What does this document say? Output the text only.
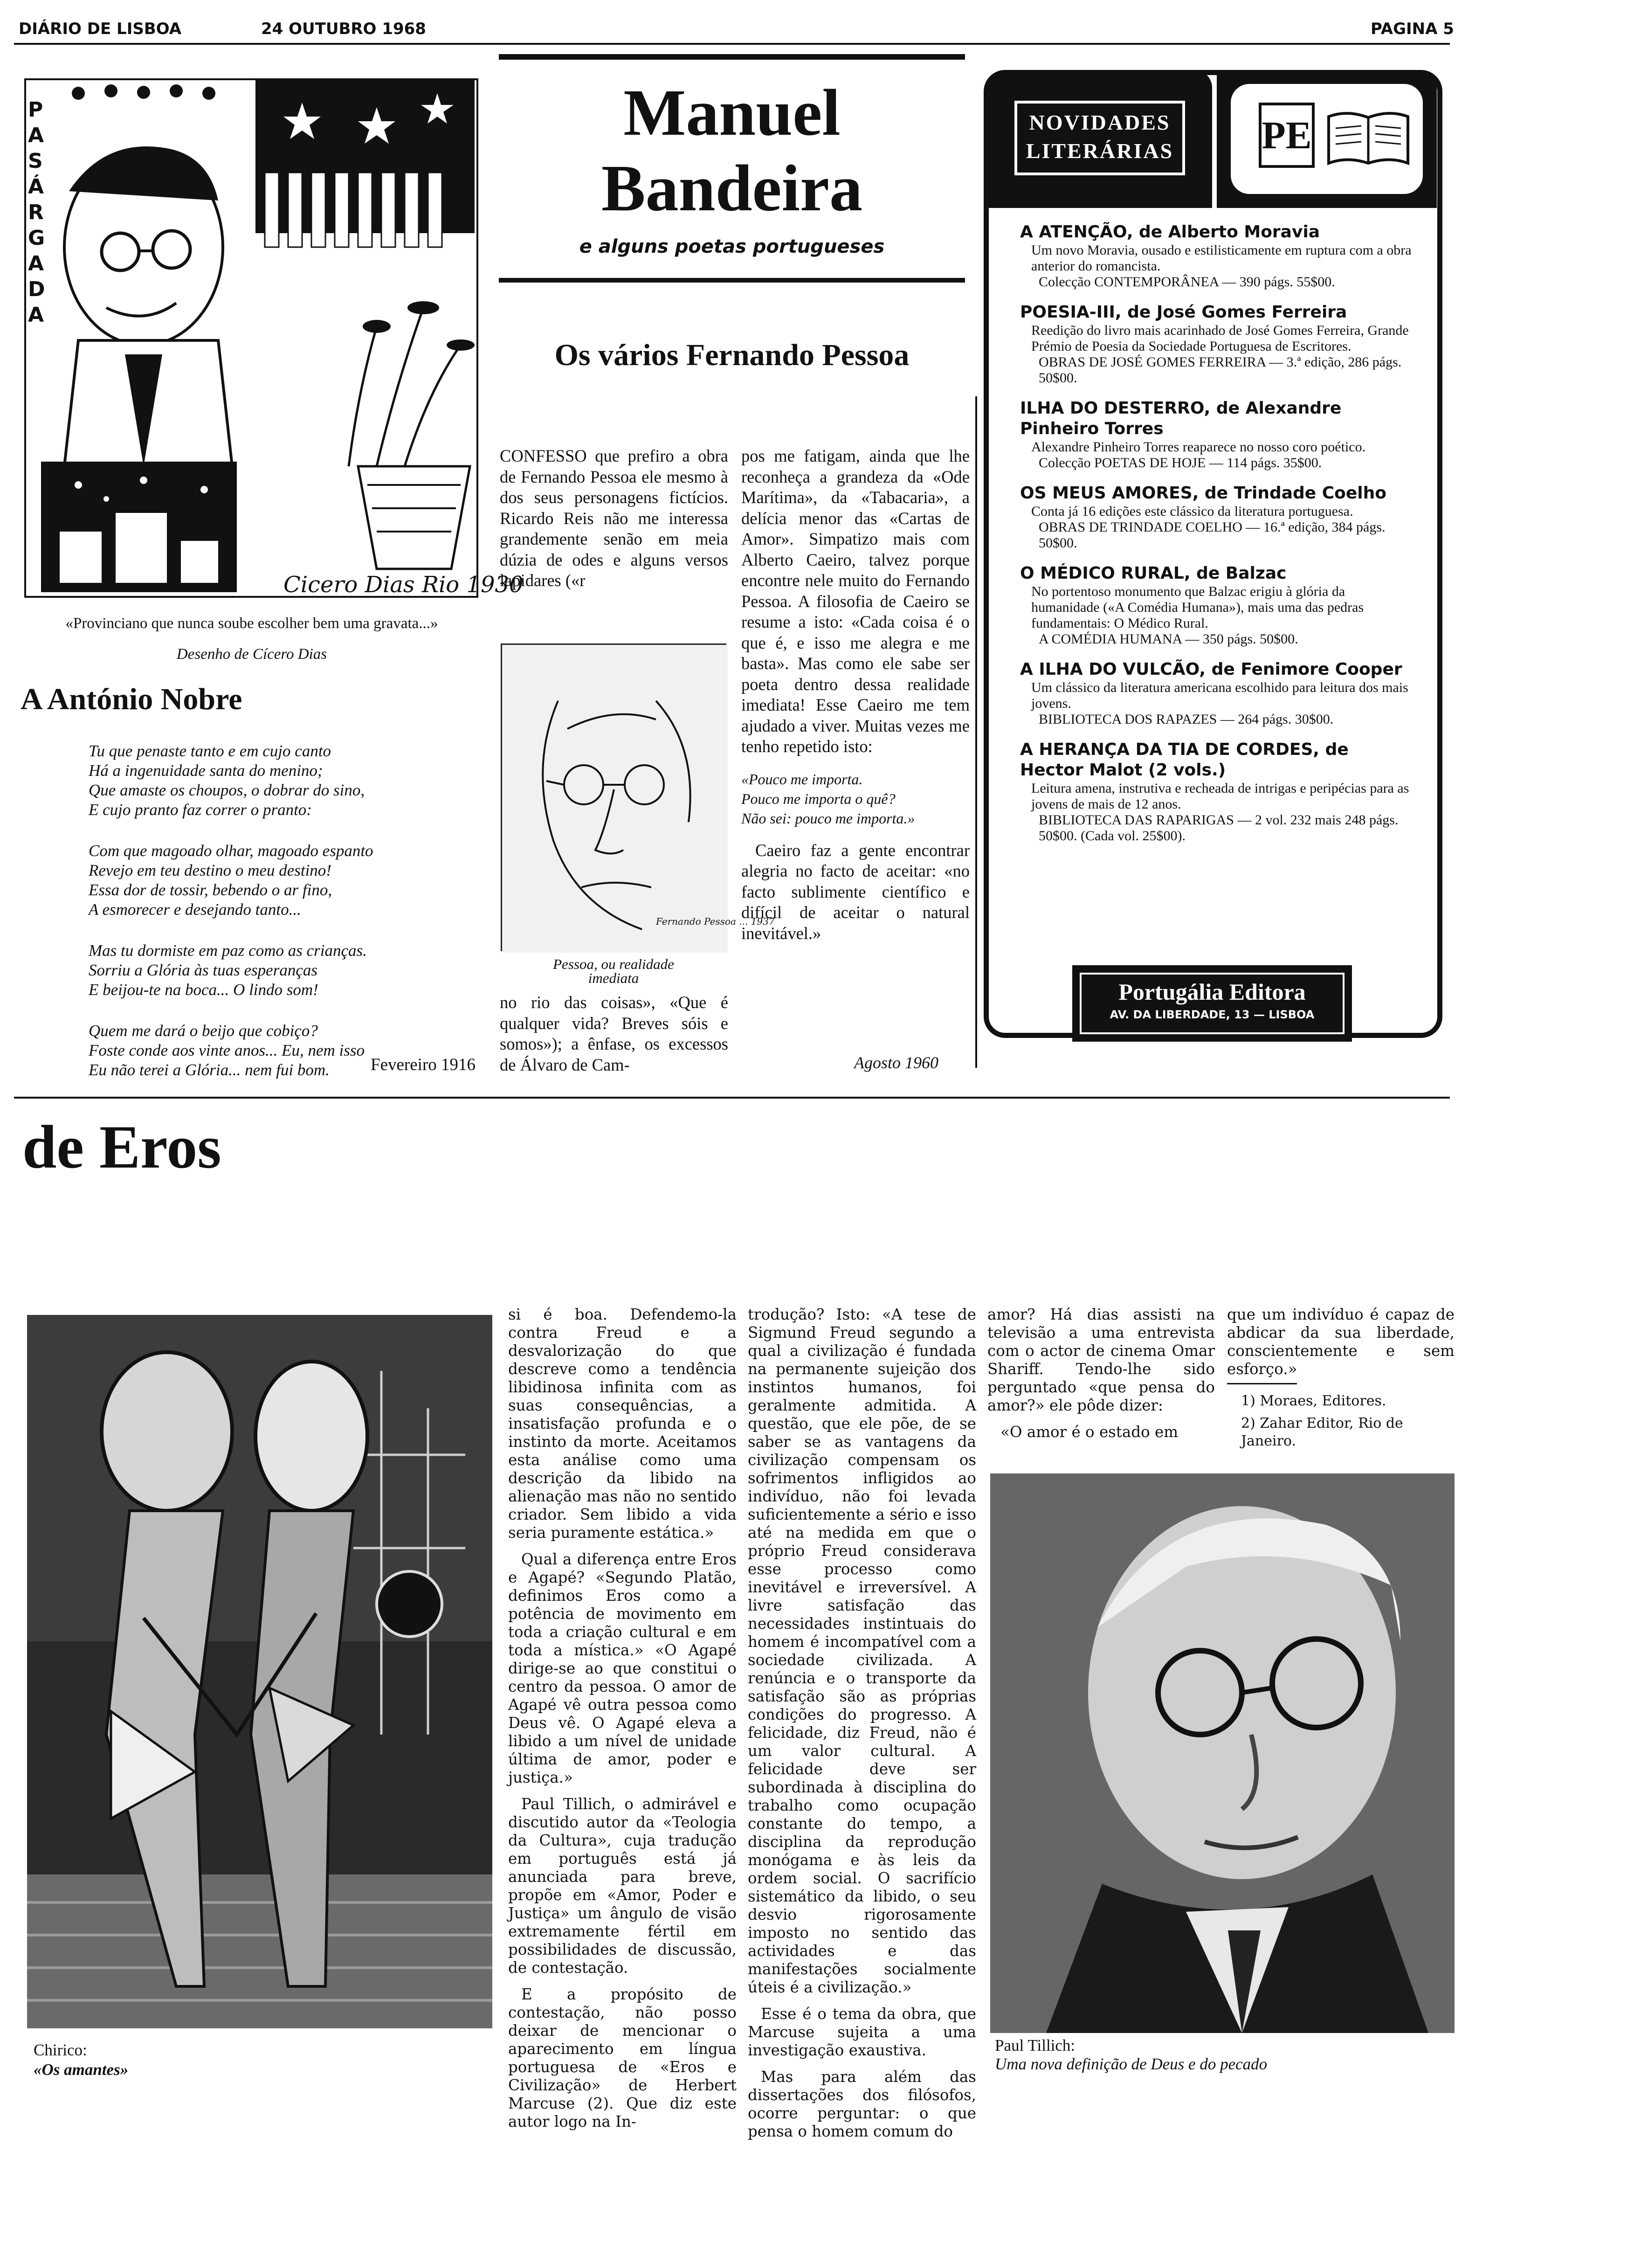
DIÁRIO DE LISBOA	24 OUTUBRO 1968	PAGINA 5
P
A
S
Á
R
G
A
D
A
Cicero Dias Rio 1930
«Provinciano que nunca soube escolher bem uma gravata...»
Desenho de Cícero Dias
A António Nobre
Tu que penaste tanto e em cujo canto
Há a ingenuidade santa do menino;
Que amaste os choupos, o dobrar do sino,
E cujo pranto faz correr o pranto:
Com que magoado olhar, magoado espanto
Revejo em teu destino o meu destino!
Essa dor de tossir, bebendo o ar fino,
A esmorecer e desejando tanto...
Mas tu dormiste em paz como as crianças.
Sorriu a Glória às tuas esperanças
E beijou-te na boca... O lindo som!
Quem me dará o beijo que cobiço?
Foste conde aos vinte anos... Eu, nem isso
Eu não terei a Glória... nem fui bom.	Fevereiro 1916
Manuel
Bandeira
e alguns poetas portugueses
Os vários Fernando Pessoa
CONFESSO que prefiro a obra de Fernando Pessoa ele mesmo à dos seus personagens fictícios. Ricardo Reis não me interessa grandemente senão em meia dúzia de odes e alguns versos lapidares («r
Fernando Pessoa ... 1937
Pessoa, ou realidade
imediata
no rio das coisas», «Que é qualquer vida? Breves sóis e somos»); a ênfase, os excessos de Álvaro de Cam-

pos me fatigam, ainda que lhe reconheça a grandeza da «Ode Marítima», da «Tabacaria», a delícia menor das «Cartas de Amor». Simpatizo mais com Alberto Caeiro, talvez porque encontre nele muito do Fernando Pessoa. A filosofia de Caeiro se resume a isto: «Cada coisa é o que é, e isso me alegra e me basta». Mas como ele sabe ser poeta dentro dessa realidade imediata! Esse Caeiro me tem ajudado a viver. Muitas vezes me tenho repetido isto:

«Pouco me importa.
Pouco me importa o quê?
Não sei: pouco me importa.»

Caeiro faz a gente encontrar alegria no facto de aceitar: «no facto sublimente científico e difícil de aceitar o natural inevitável.»

Agosto 1960
NOVIDADES
LITERÁRIAS PE
A ATENÇÃO, de Alberto Moravia
Um novo Moravia, ousado e estilisticamente em ruptura com a obra anterior do romancista.
Colecção CONTEMPORÂNEA — 390 págs. 55$00.
POESIA-III, de José Gomes Ferreira
Reedição do livro mais acarinhado de José Gomes Ferreira, Grande Prémio de Poesia da Sociedade Portuguesa de Escritores.
OBRAS DE JOSÉ GOMES FERREIRA — 3.ª edição, 286 págs. 50$00.
ILHA DO DESTERRO, de Alexandre Pinheiro Torres
Alexandre Pinheiro Torres reaparece no nosso coro poético.
Colecção POETAS DE HOJE — 114 págs. 35$00.
OS MEUS AMORES, de Trindade Coelho
Conta já 16 edições este clássico da literatura portuguesa.
OBRAS DE TRINDADE COELHO — 16.ª edição, 384 págs. 50$00.
O MÉDICO RURAL, de Balzac
No portentoso monumento que Balzac erigiu à glória da humanidade («A Comédia Humana»), mais uma das pedras fundamentais: O Médico Rural.
A COMÉDIA HUMANA — 350 págs. 50$00.
A ILHA DO VULCÃO, de Fenimore Cooper
Um clássico da literatura americana escolhido para leitura dos mais jovens.
BIBLIOTECA DOS RAPAZES — 264 págs. 30$00.
A HERANÇA DA TIA DE CORDES, de Hector Malot (2 vols.)
Leitura amena, instrutiva e recheada de intrigas e peripécias para as jovens de mais de 12 anos.
BIBLIOTECA DAS RAPARIGAS — 2 vol. 232 mais 248 págs. 50$00. (Cada vol. 25$00).
Portugália Editora
AV. DA LIBERDADE, 13 — LISBOA
de Eros
Chirico:
«Os amantes»

si é boa. Defendemo-la contra Freud e a desvalorização do que descreve como a tendência libidinosa infinita com as suas consequências, a insatisfação profunda e o instinto da morte. Aceitamos esta análise como uma descrição da libido na alienação mas não no sentido criador. Sem libido a vida seria puramente estática.»

Qual a diferença entre Eros e Agapé? «Segundo Platão, definimos Eros como a potência de movimento em toda a criação cultural e em toda a mística.» «O Agapé dirige-se ao que constitui o centro da pessoa. O amor de Agapé vê outra pessoa como Deus vê. O Agapé eleva a libido a um nível de unidade última de amor, poder e justiça.»

Paul Tillich, o admirável e discutido autor da «Teologia da Cultura», cuja tradução em português está já anunciada para breve, propõe em «Amor, Poder e Justiça» um ângulo de visão extremamente fértil em possibilidades de discussão, de contestação.

E a propósito de contestação, não posso deixar de mencionar o aparecimento em língua portuguesa de «Eros e Civilização» de Herbert Marcuse (2). Que diz este autor logo na In-

trodução? Isto: «A tese de Sigmund Freud segundo a qual a civilização é fundada na permanente sujeição dos instintos humanos, foi geralmente admitida. A questão, que ele põe, de se saber se as vantagens da civilização compensam os sofrimentos infligidos ao indivíduo, não foi levada suficientemente a sério e isso até na medida em que o próprio Freud considerava esse processo como inevitável e irreversível. A livre satisfação das necessidades instintuais do homem é incompatível com a sociedade civilizada. A renúncia e o transporte da satisfação são as próprias condições do progresso. A felicidade, diz Freud, não é um valor cultural. A felicidade deve ser subordinada à disciplina do trabalho como ocupação constante do tempo, a disciplina da reprodução monógama e às leis da ordem social. O sacrifício sistemático da libido, o seu desvio rigorosamente imposto no sentido das actividades e das manifestações socialmente úteis é a civilização.»

Esse é o tema da obra, que Marcuse sujeita a uma investigação exaustiva.

Mas para além das dissertações dos filósofos, ocorre perguntar: o que pensa o homem comum do

amor? Há dias assisti na televisão a uma entrevista com o actor de cinema Omar Shariff. Tendo-lhe sido perguntado «que pensa do amor?» ele pôde dizer:

«O amor é o estado em

que um indivíduo é capaz de abdicar da sua liberdade, conscientemente e sem esforço.»

1) Moraes, Editores.
2) Zahar Editor, Rio de Janeiro.
Paul Tillich:
Uma nova definição de Deus e do pecado
